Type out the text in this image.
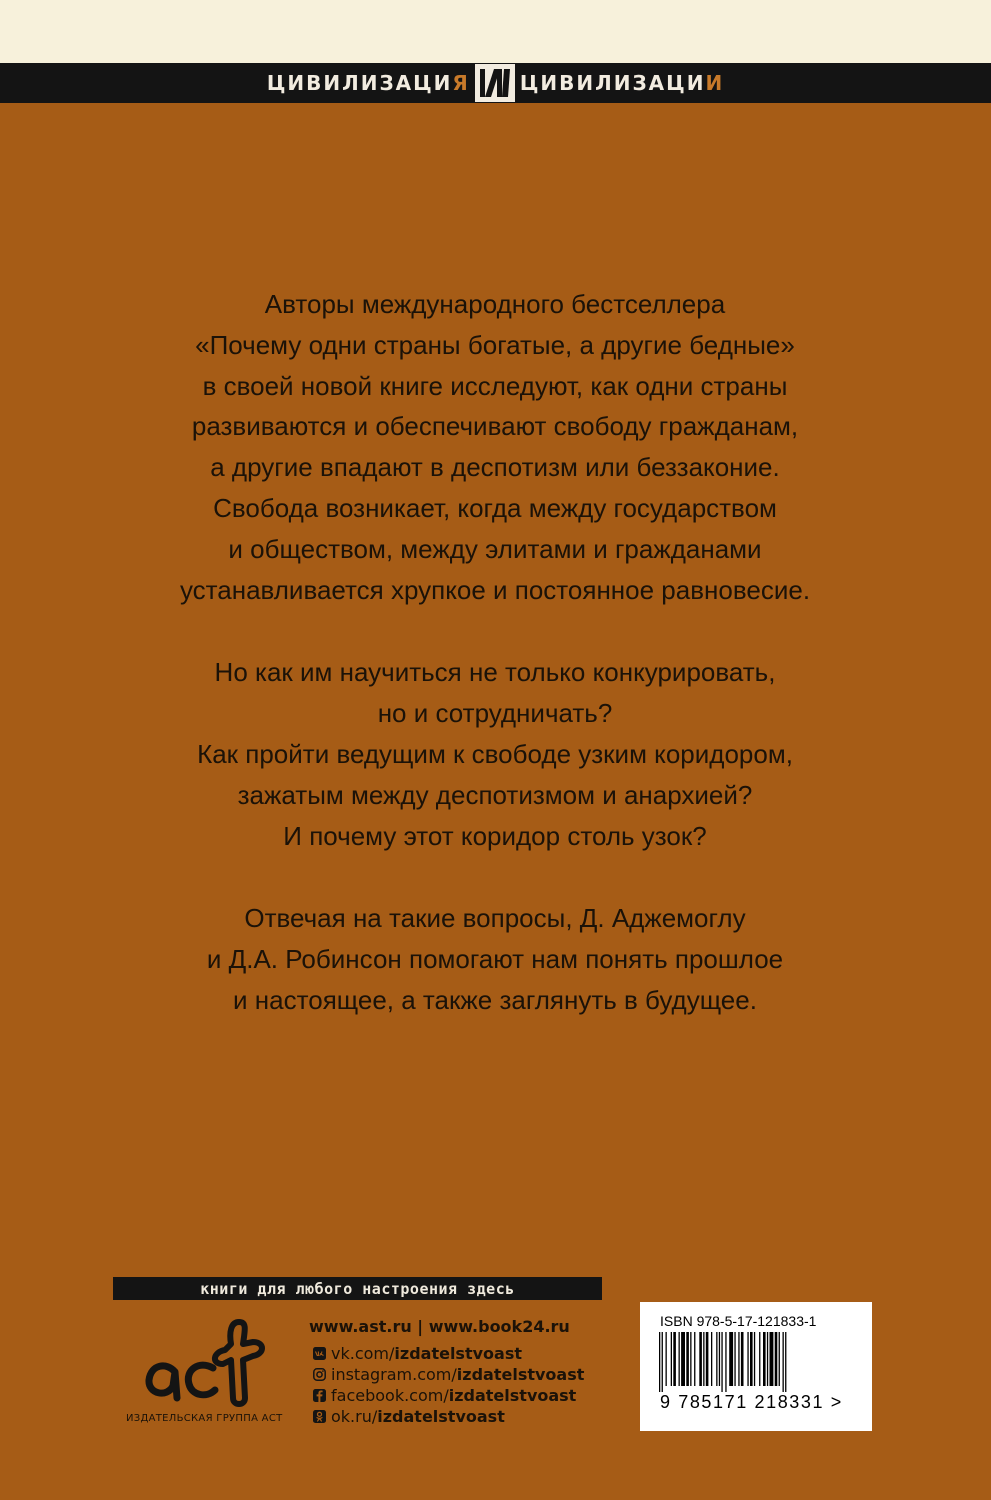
ЦИВИЛИЗАЦИЯ	ЦИВИЛИЗАЦИИ

Авторы международного бестселлера
«Почему одни страны богатые, а другие бедные»
в своей новой книге исследуют, как одни страны
развиваются и обеспечивают свободу гражданам,
а другие впадают в деспотизм или беззаконие.
Свобода возникает, когда между государством
и обществом, между элитами и гражданами
устанавливается хрупкое и постоянное равновесие.

Но как им научиться не только конкурировать,
но и сотрудничать?
Как пройти ведущим к свободе узким коридором,
зажатым между деспотизмом и анархией?
И почему этот коридор столь узок?

Отвечая на такие вопросы, Д. Аджемоглу
и Д.А. Робинсон помогают нам понять прошлое
и настоящее, а также заглянуть в будущее.

книги для любого настроения здесь
ИЗДАТЕЛЬСКАЯ ГРУППА АСТ
www.ast.ru | www.book24.ru
vk.com/ izdatelstvoast
instagram.com/ izdatelstvoast
facebook.com/ izdatelstvoast
ok.ru/ izdatelstvoast
ISBN 978-5-17-121833-1
9 785171 218331 >
